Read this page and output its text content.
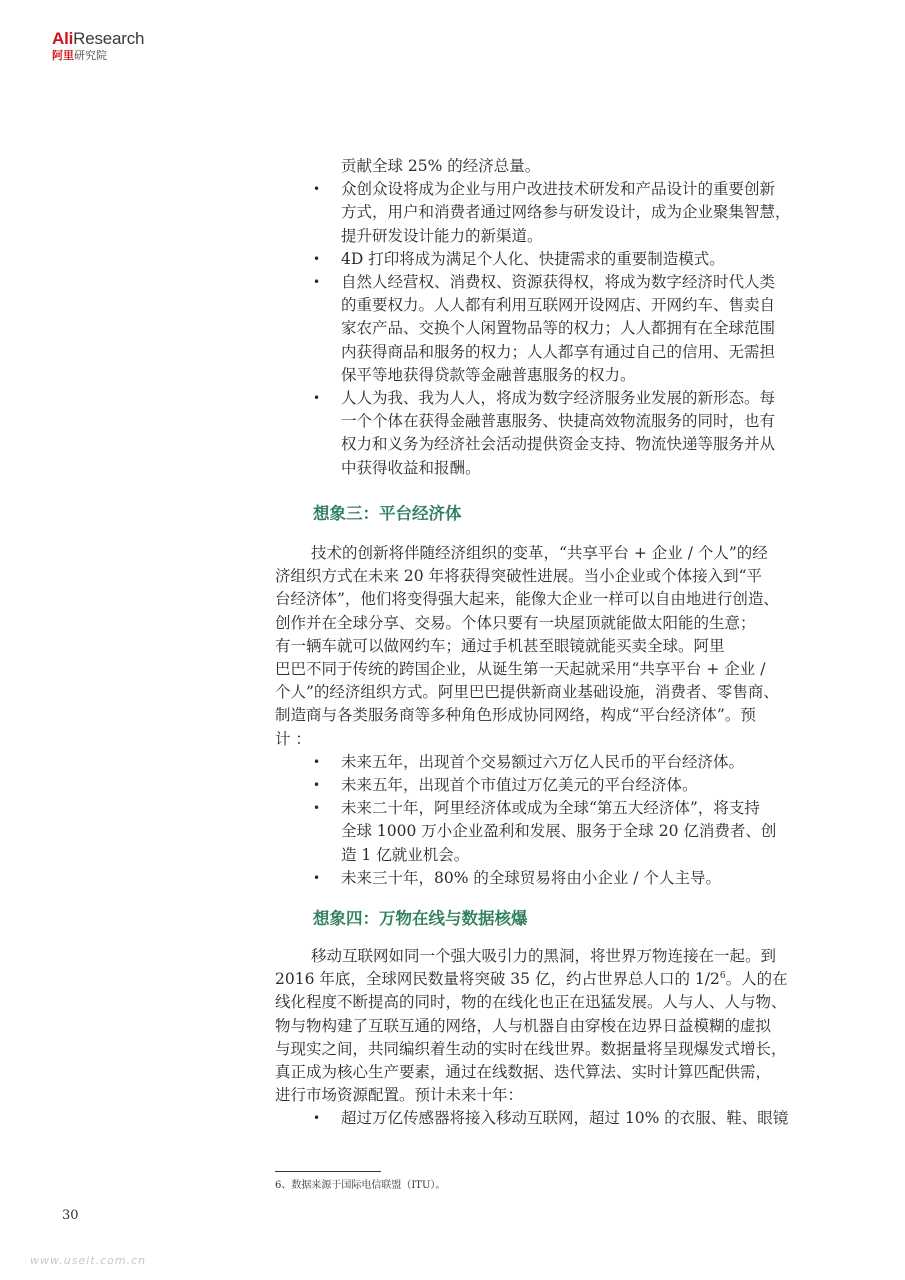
AliResearch
阿里研究院
贡献全球 25% 的经济总量。
• 众创众设将成为企业与用户改进技术研发和产品设计的重要创新
方式，用户和消费者通过网络参与研发设计，成为企业聚集智慧，
提升研发设计能力的新渠道。
• 4D 打印将成为满足个人化、快捷需求的重要制造模式。
• 自然人经营权、消费权、资源获得权，将成为数字经济时代人类
的重要权力。人人都有利用互联网开设网店、开网约车、售卖自
家农产品、交换个人闲置物品等的权力；人人都拥有在全球范围
内获得商品和服务的权力；人人都享有通过自己的信用、无需担
保平等地获得贷款等金融普惠服务的权力。
• 人人为我、我为人人，将成为数字经济服务业发展的新形态。每
一个个体在获得金融普惠服务、快捷高效物流服务的同时，也有
权力和义务为经济社会活动提供资金支持、物流快递等服务并从
中获得收益和报酬。
想象三：平台经济体
技术的创新将伴随经济组织的变革，“共享平台 + 企业 / 个人”的经
济组织方式在未来 20 年将获得突破性进展。当小企业或个体接入到“平
台经济体”，他们将变得强大起来，能像大企业一样可以自由地进行创造、
创作并在全球分享、交易。个体只要有一块屋顶就能做太阳能的生意；
有一辆车就可以做网约车；通过手机甚至眼镜就能买卖全球。阿里
巴巴不同于传统的跨国企业，从诞生第一天起就采用“共享平台 + 企业 /
个人”的经济组织方式。阿里巴巴提供新商业基础设施，消费者、零售商、
制造商与各类服务商等多种角色形成协同网络，构成“平台经济体”。预
计 ：
• 未来五年，出现首个交易额过六万亿人民币的平台经济体。
• 未来五年，出现首个市值过万亿美元的平台经济体。
• 未来二十年，阿里经济体或成为全球“第五大经济体”，将支持
全球 1000 万小企业盈利和发展、服务于全球 20 亿消费者、创
造 1 亿就业机会。
• 未来三十年，80% 的全球贸易将由小企业 / 个人主导。
想象四：万物在线与数据核爆
移动互联网如同一个强大吸引力的黑洞，将世界万物连接在一起。到
2016 年底，全球网民数量将突破 35 亿，约占世界总人口的 $1/2^6$。人的在
线化程度不断提高的同时，物的在线化也正在迅猛发展。人与人、人与物、
物与物构建了互联互通的网络，人与机器自由穿梭在边界日益模糊的虚拟
与现实之间，共同编织着生动的实时在线世界。数据量将呈现爆发式增长，
真正成为核心生产要素，通过在线数据、迭代算法、实时计算匹配供需，
进行市场资源配置。预计未来十年：
• 超过万亿传感器将接入移动互联网，超过 10% 的衣服、鞋、眼镜
6、数据来源于国际电信联盟（ITU）。
30
www.useit.com.cn
